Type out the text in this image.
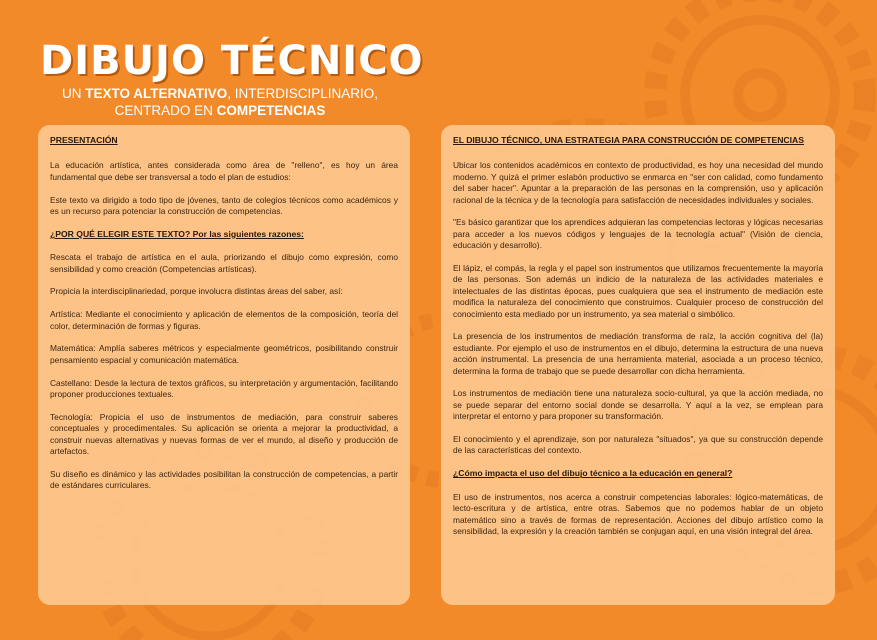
DIBUJO TÉCNICO
UN TEXTO ALTERNATIVO, INTERDISCIPLINARIO,
CENTRADO EN COMPETENCIAS
PRESENTACIÓN

La educación artística, antes considerada como área de "relleno", es hoy un área fundamental que debe ser transversal a todo el plan de estudios:

Este texto va dirigido a todo tipo de jóvenes, tanto de colegios técnicos como académicos y es un recurso para potenciar la construcción de competencias.

¿POR QUÉ ELEGIR ESTE TEXTO? Por las siguientes razones:

Rescata el trabajo de artística en el aula, priorizando el dibujo como expresión, como sensibilidad y como creación (Competencias artísticas).

Propicia la interdisciplinariedad, porque involucra distintas áreas del saber, así:

Artística: Mediante el conocimiento y aplicación de elementos de la composición, teoría del color, determinación de formas y figuras.

Matemática: Amplía saberes métricos y especialmente geométricos, posibilitando construir pensamiento espacial y comunicación matemática.

Castellano: Desde la lectura de textos gráficos, su interpretación y argumentación, facilitando proponer producciones textuales.

Tecnología: Propicia el uso de instrumentos de mediación, para construir saberes conceptuales y procedimentales. Su aplicación se orienta a mejorar la productividad, a construir nuevas alternativas y nuevas formas de ver el mundo, al diseño y producción de artefactos.

Su diseño es dinámico y las actividades posibilitan la construcción de competencias, a partir de estándares curriculares.

EL DIBUJO TÉCNICO, UNA ESTRATEGIA PARA CONSTRUCCIÓN DE COMPETENCIAS

Ubicar los contenidos académicos en contexto de productividad, es hoy una necesidad del mundo moderno. Y quizá el primer eslabón productivo se enmarca en "ser con calidad, como fundamento del saber hacer". Apuntar a la preparación de las personas en la comprensión, uso y aplicación racional de la técnica y de la tecnología para satisfacción de necesidades individuales y sociales.

"Es básico garantizar que los aprendices adquieran las competencias lectoras y lógicas necesarias para acceder a los nuevos códigos y lenguajes de la tecnología actual" (Visión de ciencia, educación y desarrollo).

El lápiz, el compás, la regla y el papel son instrumentos que utilizamos frecuentemente la mayoría de las personas. Son además un indicio de la naturaleza de las actividades materiales e intelectuales de las distintas épocas, pues cualquiera que sea el instrumento de mediación este modifica la naturaleza del conocimiento que construimos. Cualquier proceso de construcción del conocimiento esta mediado por un instrumento, ya sea material o simbólico.

La presencia de los instrumentos de mediación transforma de raíz, la acción cognitiva del (la) estudiante. Por ejemplo el uso de instrumentos en el dibujo, determina la estructura de una nueva acción instrumental. La presencia de una herramienta material, asociada a un proceso técnico, determina la forma de trabajo que se puede desarrollar con dicha herramienta.

Los instrumentos de mediación tiene una naturaleza socio-cultural, ya que la acción mediada, no se puede separar del entorno social donde se desarrolla. Y aquí a la vez, se emplean para interpretar el entorno y para proponer su transformación.

El conocimiento y el aprendizaje, son por naturaleza "situados", ya que su construcción depende de las características del contexto.

¿Cómo impacta el uso del dibujo técnico a la educación en general?

El uso de instrumentos, nos acerca a construir competencias laborales: lógico-matemáticas, de lecto-escritura y de artística, entre otras. Sabemos que no podemos hablar de un objeto matemático sino a través de formas de representación. Acciones del dibujo artístico como la sensibilidad, la expresión y la creación también se conjugan aquí, en una visión integral del área.
